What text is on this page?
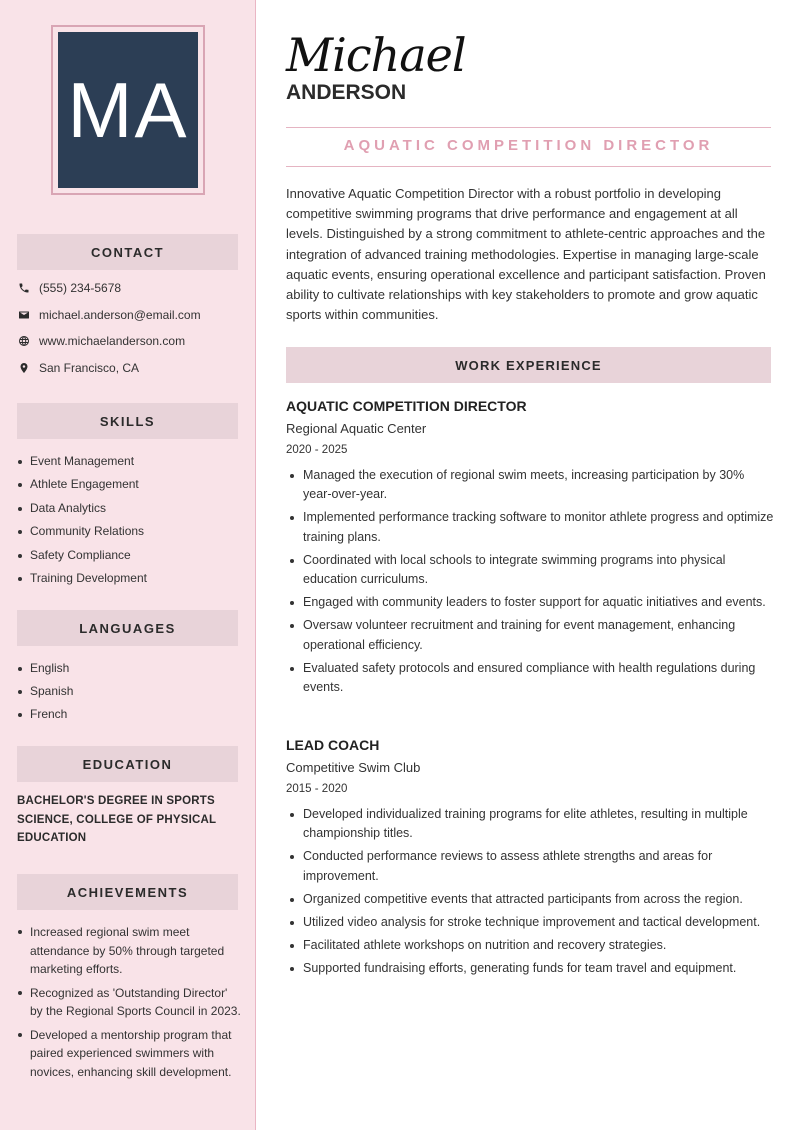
MA
CONTACT
(555) 234-5678
michael.anderson@email.com
www.michaelanderson.com
San Francisco, CA
SKILLS
Event Management
Athlete Engagement
Data Analytics
Community Relations
Safety Compliance
Training Development
LANGUAGES
English
Spanish
French
EDUCATION
BACHELOR'S DEGREE IN SPORTS SCIENCE, COLLEGE OF PHYSICAL EDUCATION
ACHIEVEMENTS
Increased regional swim meet attendance by 50% through targeted marketing efforts.
Recognized as 'Outstanding Director' by the Regional Sports Council in 2023.
Developed a mentorship program that paired experienced swimmers with novices, enhancing skill development.
Michael
ANDERSON
AQUATIC COMPETITION DIRECTOR

Innovative Aquatic Competition Director with a robust portfolio in developing competitive swimming programs that drive performance and engagement at all levels. Distinguished by a strong commitment to athlete-centric approaches and the integration of advanced training methodologies. Expertise in managing large-scale aquatic events, ensuring operational excellence and participant satisfaction. Proven ability to cultivate relationships with key stakeholders to promote and grow aquatic sports within communities.

WORK EXPERIENCE
AQUATIC COMPETITION DIRECTOR
Regional Aquatic Center
2020 - 2025
Managed the execution of regional swim meets, increasing participation by 30% year-over-year.
Implemented performance tracking software to monitor athlete progress and optimize training plans.
Coordinated with local schools to integrate swimming programs into physical education curriculums.
Engaged with community leaders to foster support for aquatic initiatives and events.
Oversaw volunteer recruitment and training for event management, enhancing operational efficiency.
Evaluated safety protocols and ensured compliance with health regulations during events.
LEAD COACH
Competitive Swim Club
2015 - 2020
Developed individualized training programs for elite athletes, resulting in multiple championship titles.
Conducted performance reviews to assess athlete strengths and areas for improvement.
Organized competitive events that attracted participants from across the region.
Utilized video analysis for stroke technique improvement and tactical development.
Facilitated athlete workshops on nutrition and recovery strategies.
Supported fundraising efforts, generating funds for team travel and equipment.
